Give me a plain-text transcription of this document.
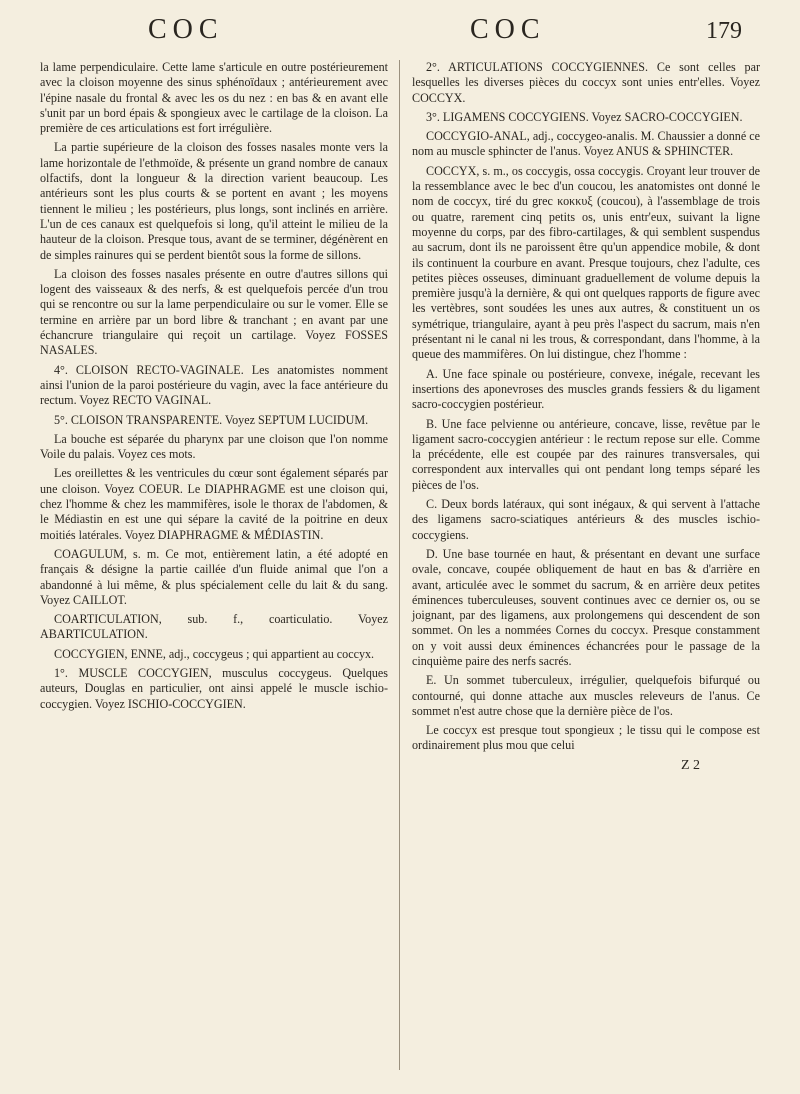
COC	COC	179

la lame perpendiculaire. Cette lame s'articule en outre postérieurement avec la cloison moyenne des sinus sphénoïdaux ; antérieurement avec l'épine nasale du frontal & avec les os du nez : en bas & en avant elle s'unit par un bord épais & spongieux avec le cartilage de la cloison. La première de ces articulations est fort irrégulière.

La partie supérieure de la cloison des fosses nasales monte vers la lame horizontale de l'ethmoïde, & présente un grand nombre de canaux olfactifs, dont la longueur & la direction varient beaucoup. Les antérieurs sont les plus courts & se portent en avant ; les moyens tiennent le milieu ; les postérieurs, plus longs, sont inclinés en arrière. L'un de ces canaux est quelquefois si long, qu'il atteint le milieu de la hauteur de la cloison. Presque tous, avant de se terminer, dégénèrent en de simples rainures qui se perdent bientôt sous la forme de sillons.

La cloison des fosses nasales présente en outre d'autres sillons qui logent des vaisseaux & des nerfs, & est quelquefois percée d'un trou qui se rencontre ou sur la lame perpendiculaire ou sur le vomer. Elle se termine en arrière par un bord libre & tranchant ; en avant par une échancrure triangulaire qui reçoit un cartilage. Voyez FOSSES NASALES.

4°. CLOISON RECTO-VAGINALE. Les anatomistes nomment ainsi l'union de la paroi postérieure du vagin, avec la face antérieure du rectum. Voyez RECTO VAGINAL.

5°. CLOISON TRANSPARENTE. Voyez SEPTUM LUCIDUM.

La bouche est séparée du pharynx par une cloison que l'on nomme Voile du palais. Voyez ces mots.

Les oreillettes & les ventricules du cœur sont également séparés par une cloison. Voyez COEUR. Le DIAPHRAGME est une cloison qui, chez l'homme & chez les mammifères, isole le thorax de l'abdomen, & le Médiastin en est une qui sépare la cavité de la poitrine en deux moitiés latérales. Voyez DIAPHRAGME & MÉDIASTIN.

COAGULUM, s. m. Ce mot, entièrement latin, a été adopté en français & désigne la partie caillée d'un fluide animal que l'on a abandonné à lui même, & plus spécialement celle du lait & du sang. Voyez CAILLOT.

COARTICULATION, sub. f., coarticulatio. Voyez ABARTICULATION.

COCCYGIEN, ENNE, adj., coccygeus ; qui appartient au coccyx.

1°. MUSCLE COCCYGIEN, musculus coccygeus. Quelques auteurs, Douglas en particulier, ont ainsi appelé le muscle ischio-coccygien. Voyez ISCHIO-COCCYGIEN.

2°. ARTICULATIONS COCCYGIENNES. Ce sont celles par lesquelles les diverses pièces du coccyx sont unies entr'elles. Voyez COCCYX.

3°. LIGAMENS COCCYGIENS. Voyez SACRO-COCCYGIEN.

COCCYGIO-ANAL, adj., coccygeo-analis. M. Chaussier a donné ce nom au muscle sphincter de l'anus. Voyez ANUS & SPHINCTER.

COCCYX, s. m., os coccygis, ossa coccygis. Croyant leur trouver de la ressemblance avec le bec d'un coucou, les anatomistes ont donné le nom de coccyx, tiré du grec κοκκυξ (coucou), à l'assemblage de trois ou quatre, rarement cinq petits os, unis entr'eux, suivant la ligne moyenne du corps, par des fibro-cartilages, & qui semblent suspendus au sacrum, dont ils ne paroissent être qu'un appendice mobile, & dont ils continuent la courbure en avant. Presque toujours, chez l'adulte, ces petites pièces osseuses, diminuant graduellement de volume depuis la première jusqu'à la dernière, & qui ont quelques rapports de figure avec les vertèbres, sont soudées les unes aux autres, & constituent un os symétrique, triangulaire, ayant à peu près l'aspect du sacrum, mais n'en présentant ni le canal ni les trous, & correspondant, dans l'homme, à la queue des mammifères. On lui distingue, chez l'homme :

A. Une face spinale ou postérieure, convexe, inégale, recevant les insertions des aponevroses des muscles grands fessiers & du ligament sacro-coccygien postérieur.

B. Une face pelvienne ou antérieure, concave, lisse, revêtue par le ligament sacro-coccygien antérieur : le rectum repose sur elle. Comme la précédente, elle est coupée par des rainures transversales, qui correspondent aux intervalles qui ont pendant long temps séparé les pièces de l'os.

C. Deux bords latéraux, qui sont inégaux, & qui servent à l'attache des ligamens sacro-sciatiques antérieurs & des muscles ischio-coccygiens.

D. Une base tournée en haut, & présentant en devant une surface ovale, concave, coupée obliquement de haut en bas & d'arrière en avant, articulée avec le sommet du sacrum, & en arrière deux petites éminences tuberculeuses, souvent continues avec ce dernier os, ou se joignant, par des ligamens, aux prolongemens qui descendent de son sommet. On les a nommées Cornes du coccyx. Presque constamment on y voit aussi deux éminences échancrées pour le passage de la cinquième paire des nerfs sacrés.

E. Un sommet tuberculeux, irrégulier, quelquefois bifurqué ou contourné, qui donne attache aux muscles releveurs de l'anus. Ce sommet n'est autre chose que la dernière pièce de l'os.

Le coccyx est presque tout spongieux ; le tissu qui le compose est ordinairement plus mou que celui

Z 2
